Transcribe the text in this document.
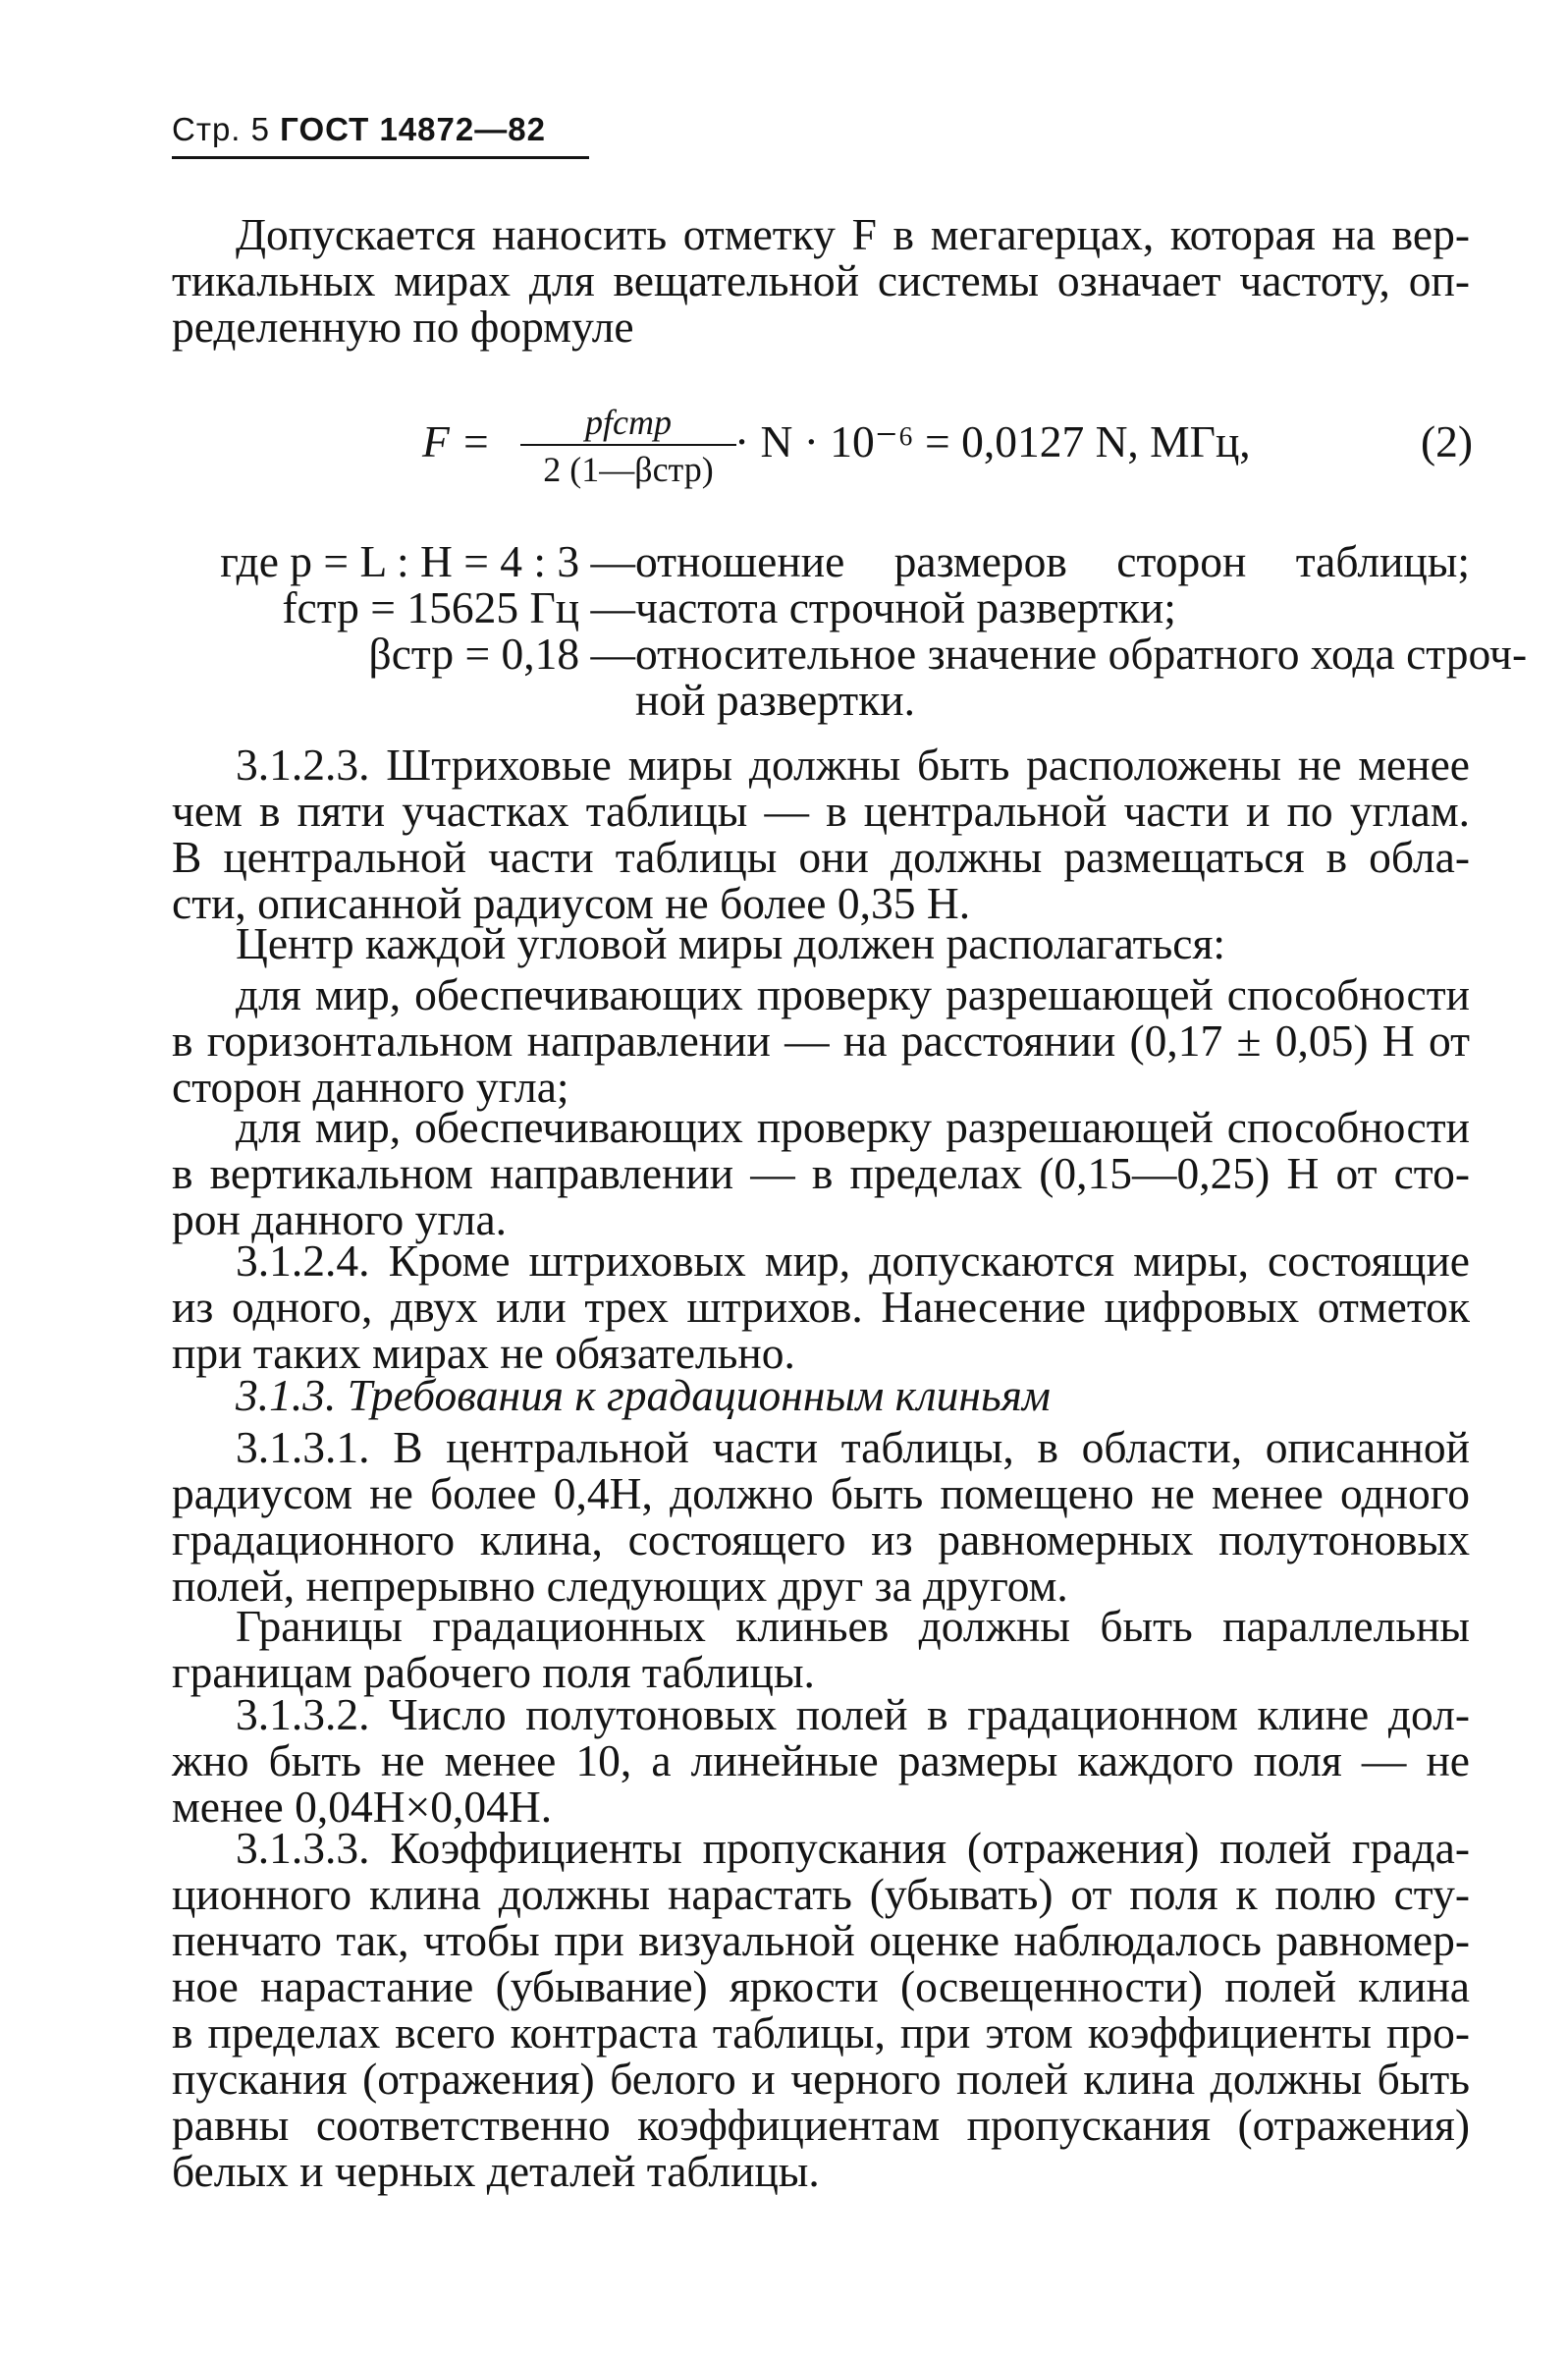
Стр. 5 ГОСТ 14872—82
Допускается наносить отметку F в мегагерцах, которая на вер-
тикальных мирах для вещательной системы означает частоту, оп-
ределенную по формуле
F =	pfстр
2 (1—βстр)
· N · 10⁻⁶ = 0,0127 N, МГц,	(2)
где p = L : H = 4 : 3 — отношение размеров сторон таблицы;
fстр = 15625 Гц — частота строчной развертки;
βстр = 0,18 — относительное значение обратного хода строч-
ной развертки.
3.1.2.3. Штриховые миры должны быть расположены не менее
чем в пяти участках таблицы — в центральной части и по углам.
В центральной части таблицы они должны размещаться в обла-
сти, описанной радиусом не более 0,35 H.
Центр каждой угловой миры должен располагаться:
для мир, обеспечивающих проверку разрешающей способности
в горизонтальном направлении — на расстоянии (0,17 ± 0,05) H от
сторон данного угла;
для мир, обеспечивающих проверку разрешающей способности
в вертикальном направлении — в пределах (0,15—0,25) H от сто-
рон данного угла.
3.1.2.4. Кроме штриховых мир, допускаются миры, состоящие
из одного, двух или трех штрихов. Нанесение цифровых отметок
при таких мирах не обязательно.
3.1.3. Требования к градационным клиньям
3.1.3.1. В центральной части таблицы, в области, описанной
радиусом не более 0,4H, должно быть помещено не менее одного
градационного клина, состоящего из равномерных полутоновых
полей, непрерывно следующих друг за другом.
Границы градационных клиньев должны быть параллельны
границам рабочего поля таблицы.
3.1.3.2. Число полутоновых полей в градационном клине дол-
жно быть не менее 10, а линейные размеры каждого поля — не
менее 0,04H×0,04H.
3.1.3.3. Коэффициенты пропускания (отражения) полей града-
ционного клина должны нарастать (убывать) от поля к полю сту-
пенчато так, чтобы при визуальной оценке наблюдалось равномер-
ное нарастание (убывание) яркости (освещенности) полей клина
в пределах всего контраста таблицы, при этом коэффициенты про-
пускания (отражения) белого и черного полей клина должны быть
равны соответственно коэффициентам пропускания (отражения)
белых и черных деталей таблицы.
